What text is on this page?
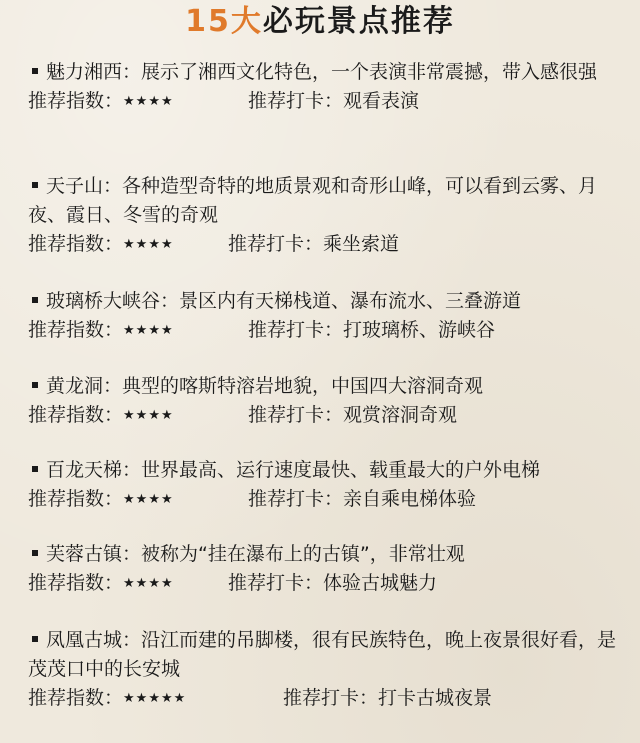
15大必玩景点推荐

魅力湘西：展示了湘西文化特色，一个表演非常震撼，带入感很强

推荐指数：★★★★	推荐打卡：观看表演

天子山：各种造型奇特的地质景观和奇形山峰，可以看到云雾、月夜、霞日、冬雪的奇观

推荐指数：★★★★	推荐打卡：乘坐索道

玻璃桥大峡谷：景区内有天梯栈道、瀑布流水、三叠游道

推荐指数：★★★★	推荐打卡：打玻璃桥、游峡谷

黄龙洞：典型的喀斯特溶岩地貌，中国四大溶洞奇观

推荐指数：★★★★	推荐打卡：观赏溶洞奇观

百龙天梯：世界最高、运行速度最快、载重最大的户外电梯

推荐指数：★★★★	推荐打卡：亲自乘电梯体验

芙蓉古镇：被称为“挂在瀑布上的古镇”，非常壮观

推荐指数：★★★★	推荐打卡：体验古城魅力

凤凰古城：沿江而建的吊脚楼，很有民族特色，晚上夜景很好看，是茂茂口中的长安城

推荐指数：★★★★★	推荐打卡：打卡古城夜景
